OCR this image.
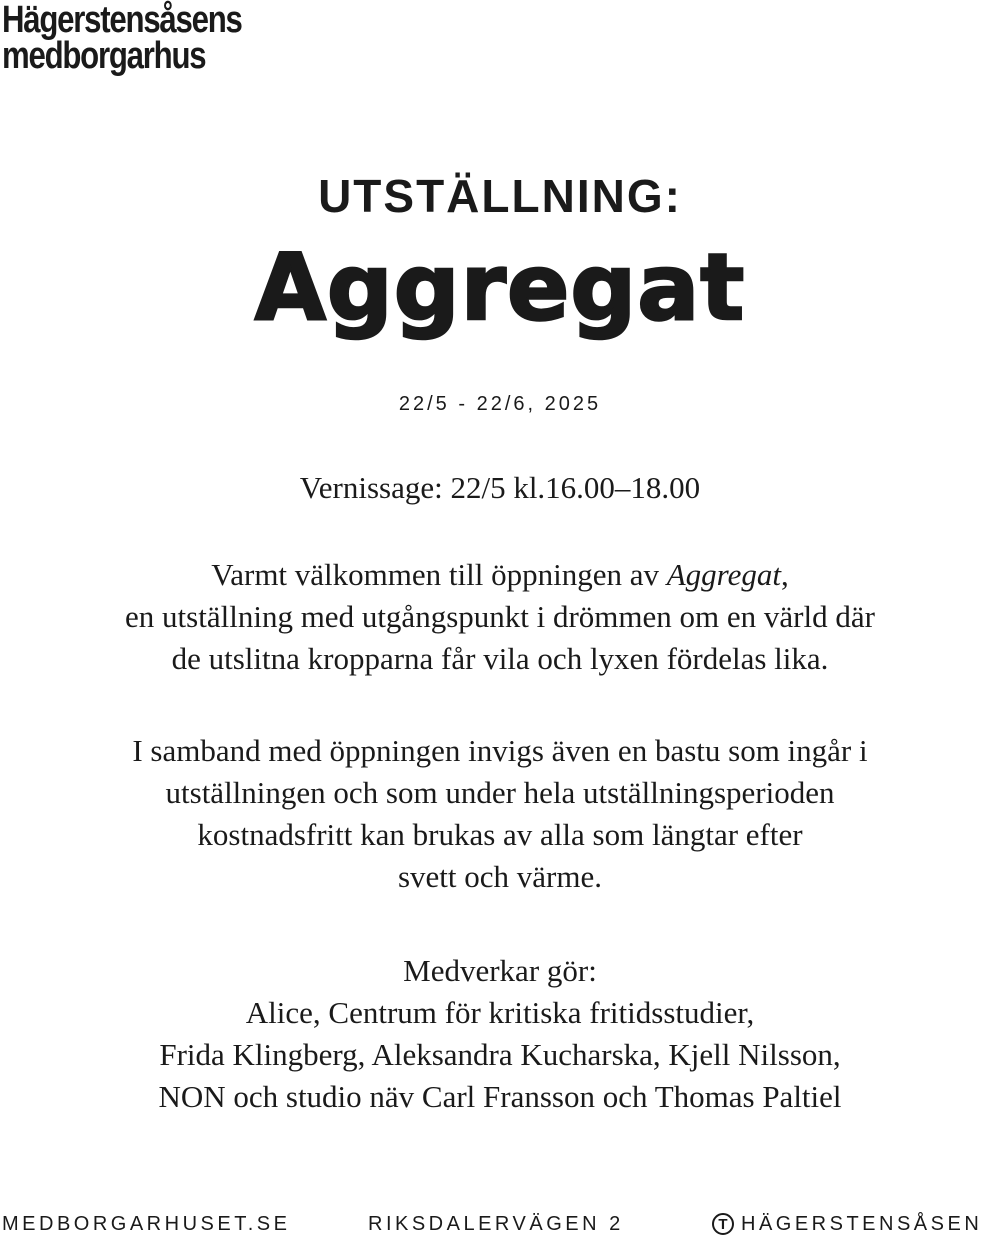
Hägerstensåsens
medborgarhus
UTSTÄLLNING:
Aggregat
22/5 - 22/6, 2025
Vernissage: 22/5 kl.16.00–18.00
Varmt välkommen till öppningen av Aggregat,
en utställning med utgångspunkt i drömmen om en värld där
de utslitna kropparna får vila och lyxen fördelas lika.
I samband med öppningen invigs även en bastu som ingår i
utställningen och som under hela utställningsperioden
kostnadsfritt kan brukas av alla som längtar efter
svett och värme.
Medverkar gör:
Alice, Centrum för kritiska fritidsstudier,
Frida Klingberg, Aleksandra Kucharska, Kjell Nilsson,
NON och studio näv Carl Fransson och Thomas Paltiel
MEDBORGARHUSET.SE	RIKSDALERVÄGEN 2	T HÄGERSTENSÅSEN
